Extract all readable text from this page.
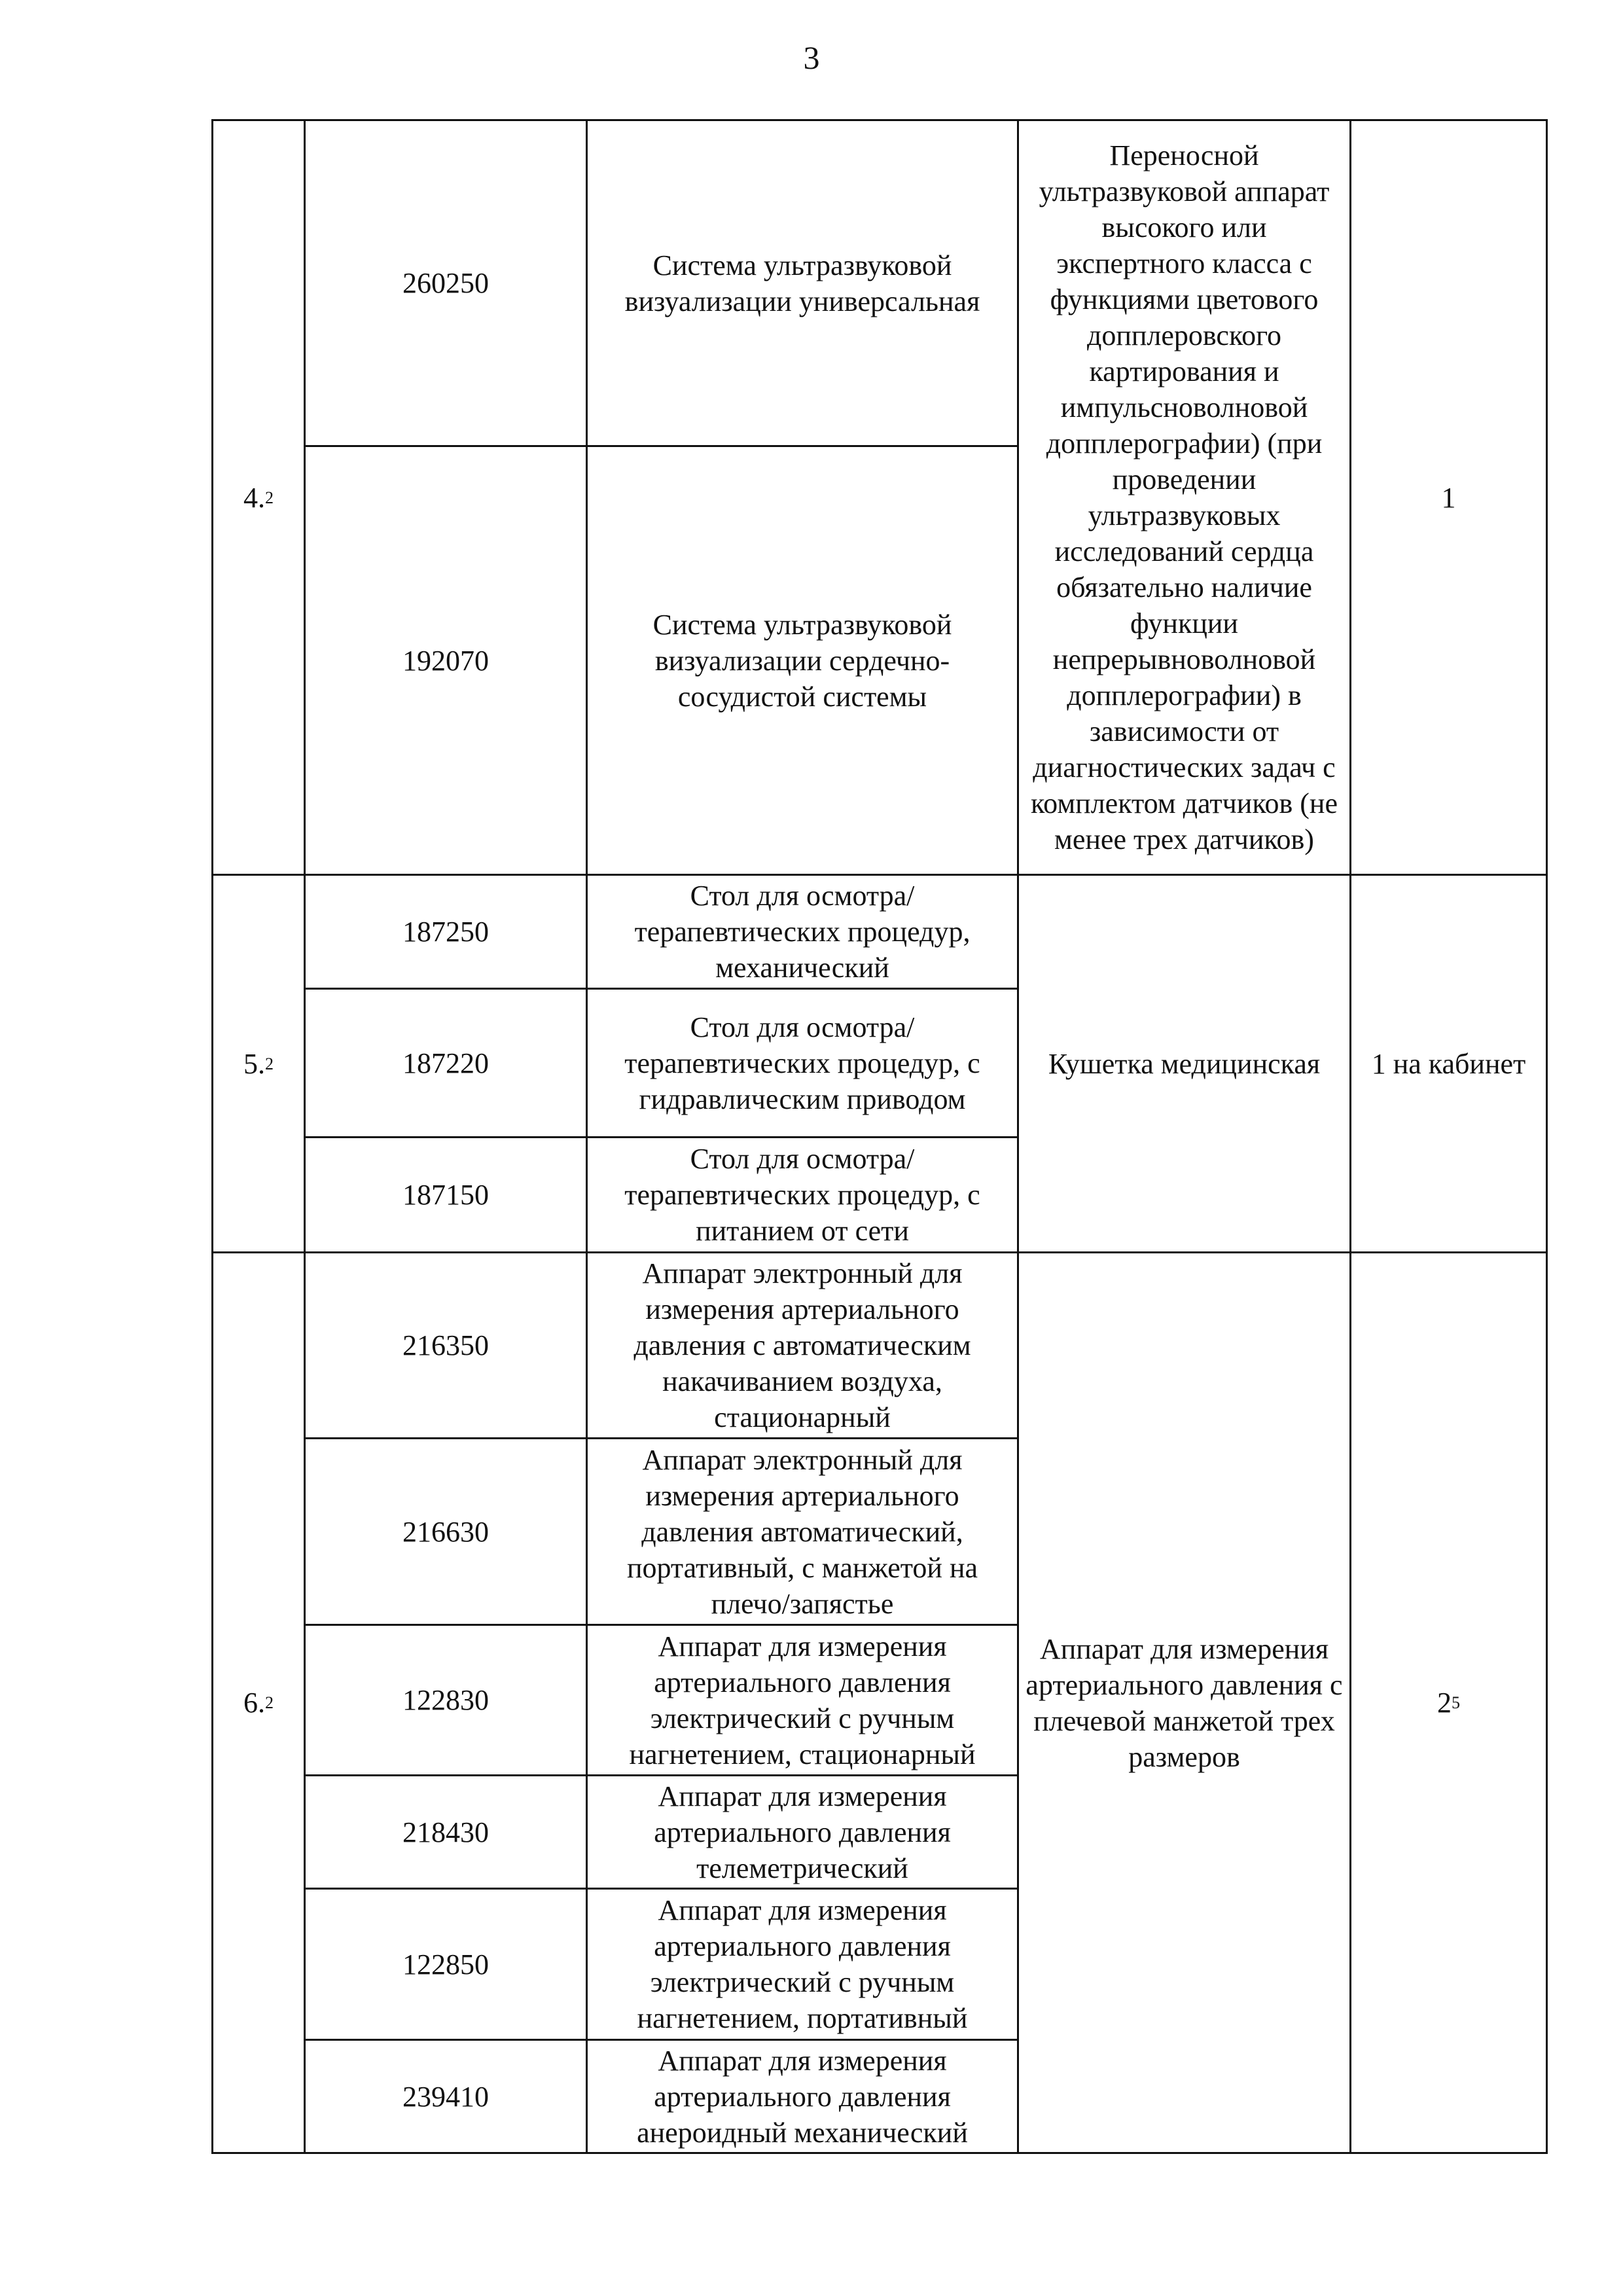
3
4.$^2$	260250	Система ультразвуковой визуализации универсальная	Переносной ультразвуковой аппарат высокого или экспертного класса с функциями цветового допплеровского картирования и импульсноволновой допплерографии) (при проведении ультразвуковых исследований сердца обязательно наличие функции непрерывноволновой допплерографии) в зависимости от диагностических задач с комплектом датчиков (не менее трех датчиков)	1
	192070	Система ультразвуковой визуализации сердечно-сосудистой системы		
5.$^2$	187250	Стол для осмотра/терапевтических процедур, механический	Кушетка медицинская	1 на кабинет
	187220	Стол для осмотра/терапевтических процедур, с гидравлическим приводом		
	187150	Стол для осмотра/терапевтических процедур, с питанием от сети		
6.$^2$	216350	Аппарат электронный для измерения артериального давления с автоматическим накачиванием воздуха, стационарный	Аппарат для измерения артериального давления с плечевой манжетой трех размеров	$2^5$
	216630	Аппарат электронный для измерения артериального давления автоматический, портативный, с манжетой на плечо/запястье		
	122830	Аппарат для измерения артериального давления электрический с ручным нагнетением, стационарный		
	218430	Аппарат для измерения артериального давления телеметрический		
	122850	Аппарат для измерения артериального давления электрический с ручным нагнетением, портативный		
	239410	Аппарат для измерения артериального давления анероидный механический		
